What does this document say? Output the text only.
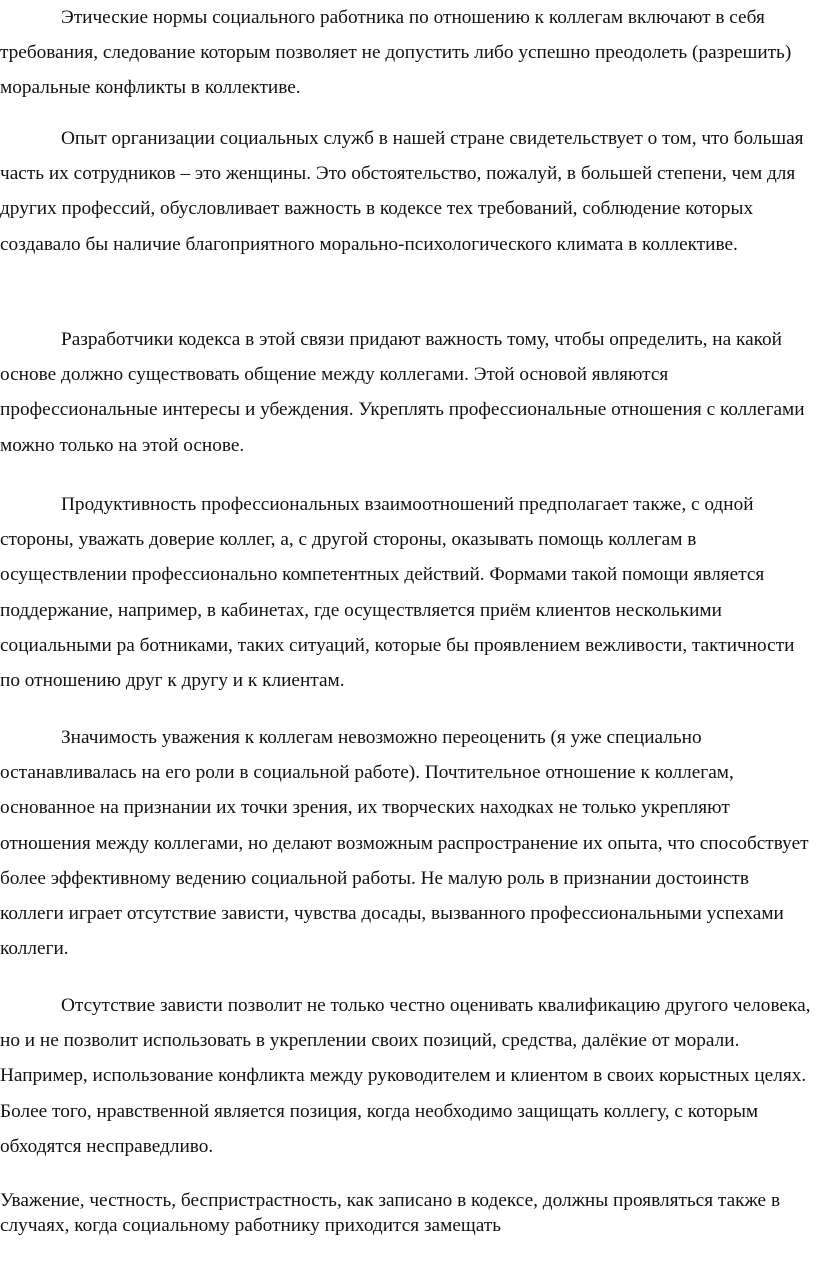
Этические нормы социального работника по отношению к коллегам включают в себя требования, следование которым позволяет не допустить либо успешно преодолеть (разрешить) моральные конфликты в коллективе.

Опыт организации социальных служб в нашей стране свидетельствует о том, что большая часть их сотрудников – это женщины. Это обстоятельство, пожалуй, в большей степени, чем для других профессий, обусловливает важность в кодексе тех требований, соблюдение которых создавало бы наличие благоприятного морально-психологического климата в коллективе.

Разработчики кодекса в этой связи придают важность тому, чтобы определить, на какой основе должно существовать общение между коллегами. Этой основой являются профессиональные интересы и убеждения. Укреплять профессиональные отношения с коллегами можно только на этой основе.

Продуктивность профессиональных взаимоотношений предполагает также, с одной стороны, уважать доверие коллег, а, с другой стороны, оказывать помощь коллегам в осуществлении профессионально компетентных действий. Формами такой помощи является поддержание, например, в кабинетах, где осуществляется приём клиентов несколькими социальными ра ботниками, таких ситуаций, которые бы проявлением вежливости, тактичности по отношению друг к другу и к клиентам.

Значимость уважения к коллегам невозможно переоценить (я уже специально останавливалась на его роли в социальной работе). Почтительное отношение к коллегам, основанное на признании их точки зрения, их творческих находках не только укрепляют отношения между коллегами, но делают возможным распространение их опыта, что способствует более эффективному ведению социальной работы. Не малую роль в признании достоинств коллеги играет отсутствие зависти, чувства досады, вызванного профессиональными успехами коллеги.

Отсутствие зависти позволит не только честно оценивать квалификацию другого человека, но и не позволит использовать в укреплении своих позиций, средства, далёкие от морали. Например, использование конфликта между руководителем и клиентом в своих корыстных целях. Более того, нравственной является позиция, когда необходимо защищать коллегу, с которым обходятся несправедливо.

Уважение, честность, беспристрастность, как записано в кодексе, должны проявляться также в случаях, когда социальному работнику приходится замещать
